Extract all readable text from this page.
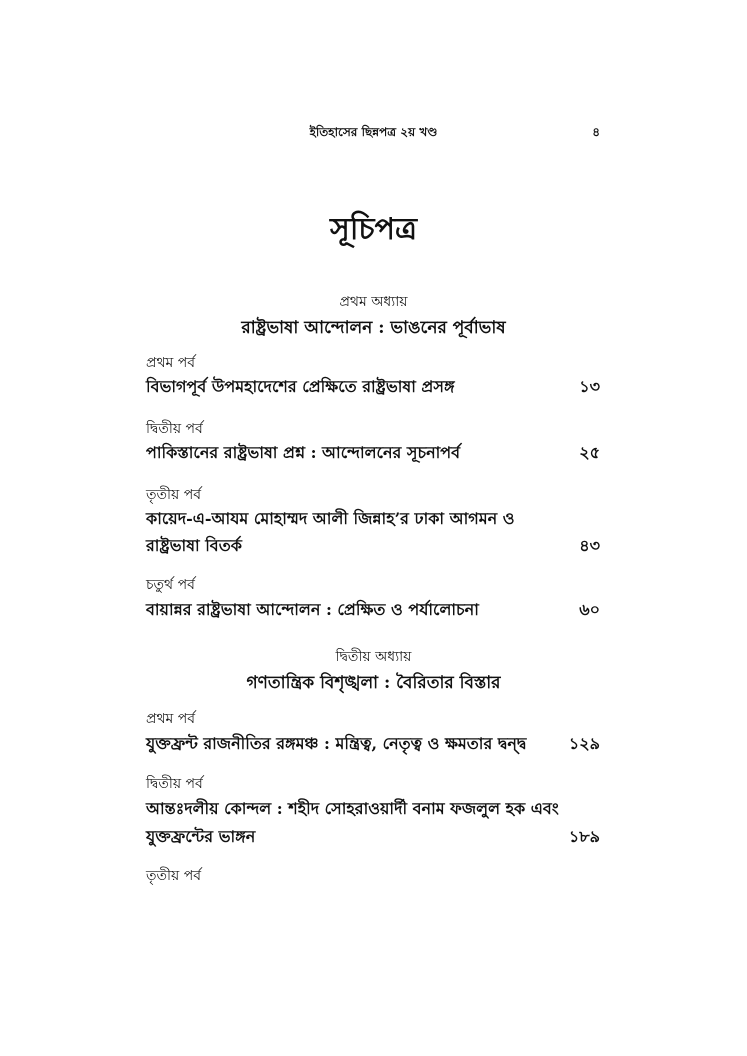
ইতিহাসের ছিন্নপত্র ২য় খণ্ড	৪
সূচিপত্র
প্রথম অধ্যায়
রাষ্ট্রভাষা আন্দোলন : ভাঙনের পূর্বাভাষ
প্রথম পর্ব
বিভাগপূর্ব উপমহাদেশের প্রেক্ষিতে রাষ্ট্রভাষা প্রসঙ্গ	১৩
দ্বিতীয় পর্ব
পাকিস্তানের রাষ্ট্রভাষা প্রশ্ন : আন্দোলনের সূচনাপর্ব	২৫
তৃতীয় পর্ব
কায়েদ-এ-আযম মোহাম্মদ আলী জিন্নাহ’র ঢাকা আগমন ও
রাষ্ট্রভাষা বিতর্ক	৪৩
চতুর্থ পর্ব
বায়ান্নর রাষ্ট্রভাষা আন্দোলন : প্রেক্ষিত ও পর্যালোচনা	৬০
দ্বিতীয় অধ্যায়
গণতান্ত্রিক বিশৃঙ্খলা : বৈরিতার বিস্তার
প্রথম পর্ব
যুক্তফ্রন্ট রাজনীতির রঙ্গমঞ্চ : মন্ত্রিত্ব, নেতৃত্ব ও ক্ষমতার দ্বন্দ্ব	১২৯
দ্বিতীয় পর্ব
আন্তঃদলীয় কোন্দল : শহীদ সোহরাওয়ার্দী বনাম ফজলুল হক এবং
যুক্তফ্রন্টের ভাঙ্গন	১৮৯
তৃতীয় পর্ব
